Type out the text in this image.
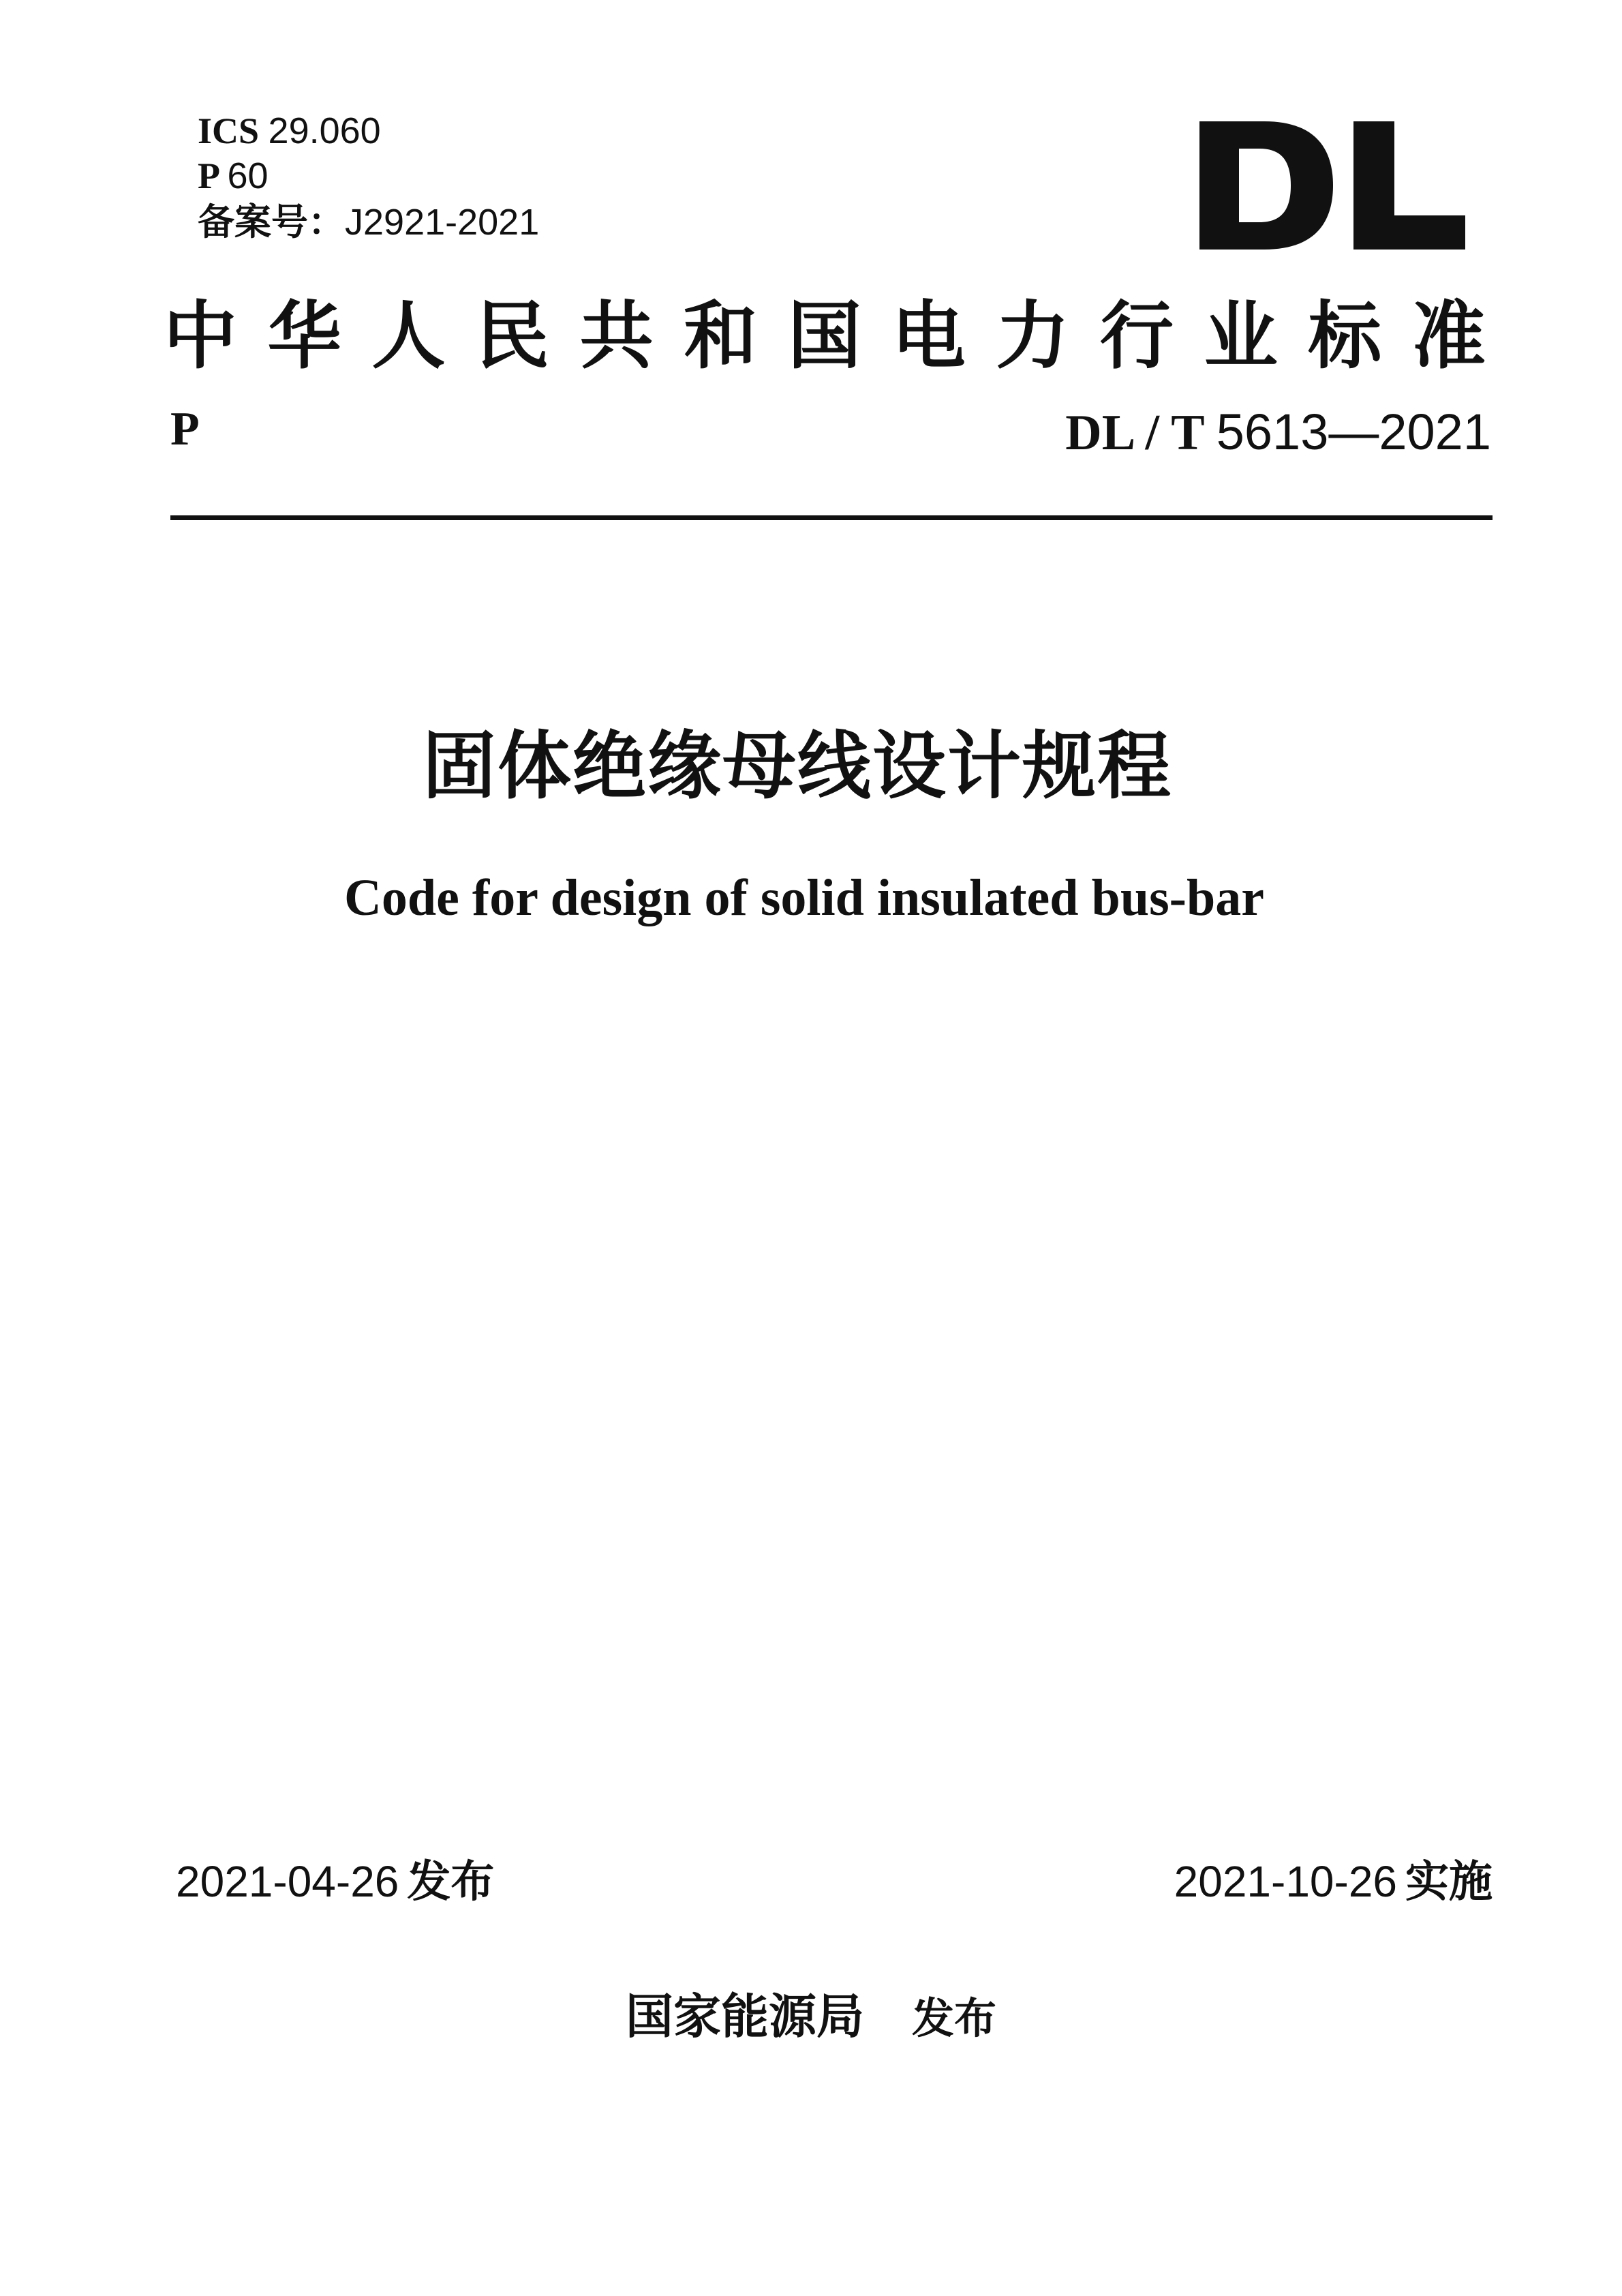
ICS 29.060
P 60
备案号：J2921-2021
中 华 人 民 共 和 国 电 力 行 业 标 准
P	DL / T 5613—2021
固体绝缘母线设计规程
Code for design of solid insulated bus-bar
2021-04-26 发布	2021-10-26 实施
国家能源局 发布
